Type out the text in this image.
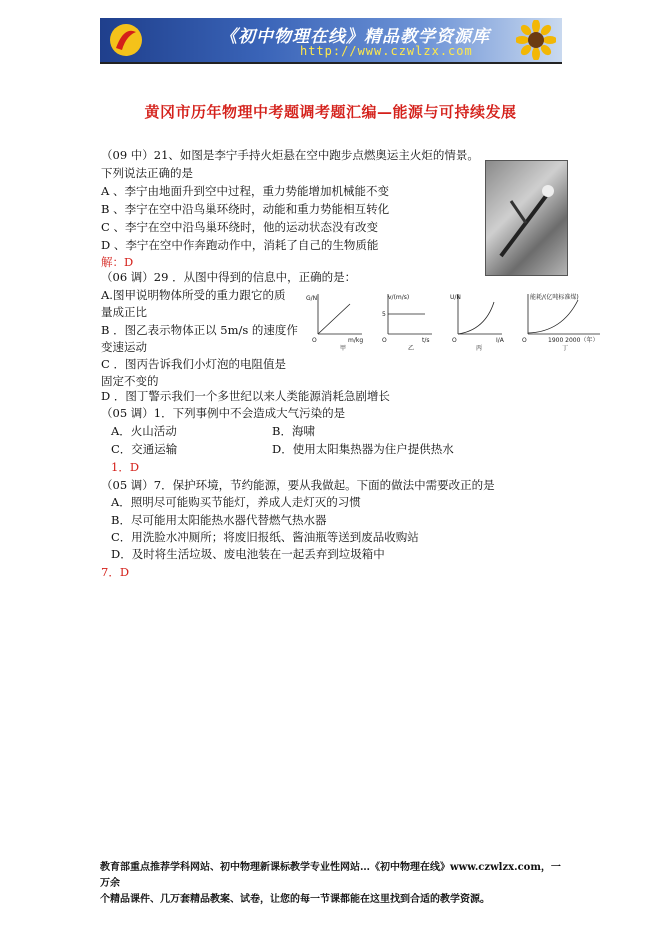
《初中物理在线》精品教学资源库
http://www.czwlzx.com
黄冈市历年物理中考题调考题汇编—能源与可持续发展
（09 中）21、如图是李宁手持火炬悬在空中跑步点燃奥运主火炬的情景。
下列说法正确的是
A 、李宁由地面升到空中过程，重力势能增加机械能不变
B 、李宁在空中沿鸟巢环绕时，动能和重力势能相互转化
C 、李宁在空中沿鸟巢环绕时，他的运动状态没有改变
D 、李宁在空中作奔跑动作中，消耗了自己的生物质能
解：D
（06 调）29 ．从图中得到的信息中，正确的是：
A.图甲说明物体所受的重力跟它的质
量成正比
B ．图乙表示物体正以 5m/s 的速度作
变速运动
C ．图丙告诉我们小灯泡的电阻值是
固定不变的
D ．图丁警示我们一个多世纪以来人类能源消耗急剧增长
G/N
m/kg
O
甲
5
v/(m/s)
t/s
O
乙
U/N
I/A
O
丙
能耗/(亿吨标准煤)
1900 2000（年）
O
丁
（05 调）1．下列事例中不会造成大气污染的是
A．火山活动	B．海啸
C．交通运输	D．使用太阳集热器为住户提供热水
1．D
（05 调）7．保护环境，节约能源，要从我做起。下面的做法中需要改正的是
A．照明尽可能购买节能灯，养成人走灯灭的习惯
B．尽可能用太阳能热水器代替燃气热水器
C．用洗脸水冲厕所；将废旧报纸、酱油瓶等送到废品收购站
D．及时将生活垃圾、废电池装在一起丢弃到垃圾箱中
7．D
教育部重点推荐学科网站、初中物理新课标教学专业性网站…《初中物理在线》www.czwlzx.com，一万余
个精品课件、几万套精品教案、试卷，让您的每一节课都能在这里找到合适的教学资源。
